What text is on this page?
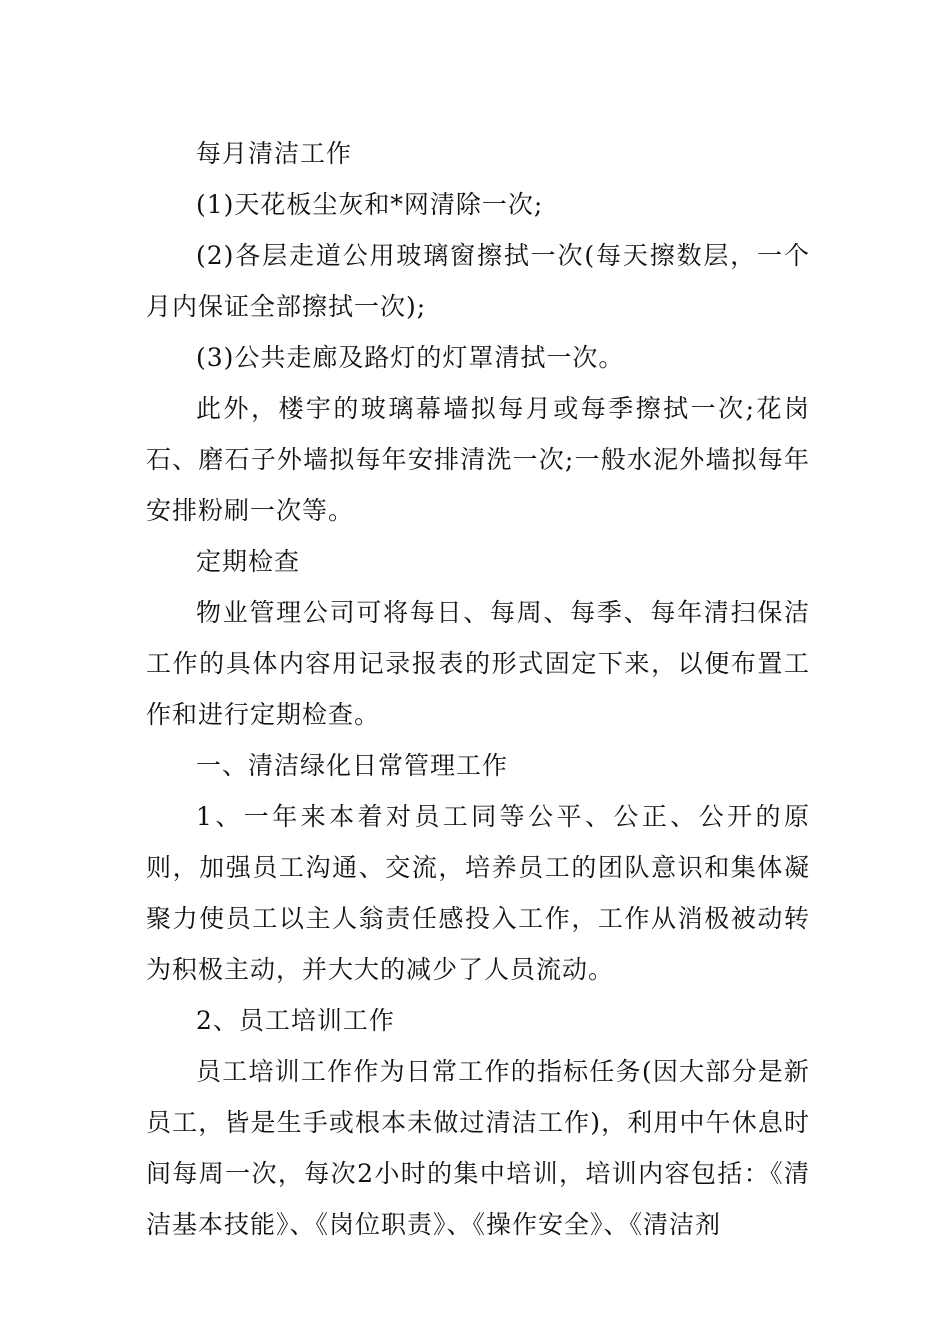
每月清洁工作

(1)天花板尘灰和*网清除一次;

(2)各层走道公用玻璃窗擦拭一次(每天擦数层，一个月内保证全部擦拭一次);

(3)公共走廊及路灯的灯罩清拭一次。

此外，楼宇的玻璃幕墙拟每月或每季擦拭一次;花岗石、磨石子外墙拟每年安排清洗一次;一般水泥外墙拟每年安排粉刷一次等。

定期检查

物业管理公司可将每日、每周、每季、每年清扫保洁工作的具体内容用记录报表的形式固定下来，以便布置工作和进行定期检查。

一、清洁绿化日常管理工作

1、一年来本着对员工同等公平、公正、公开的原则，加强员工沟通、交流，培养员工的团队意识和集体凝聚力使员工以主人翁责任感投入工作，工作从消极被动转为积极主动，并大大的减少了人员流动。

2、员工培训工作

员工培训工作作为日常工作的指标任务(因大部分是新员工，皆是生手或根本未做过清洁工作)，利用中午休息时间每周一次，每次2小时的集中培训，培训内容包括：《清洁基本技能》、《岗位职责》、《操作安全》、《清洁剂
